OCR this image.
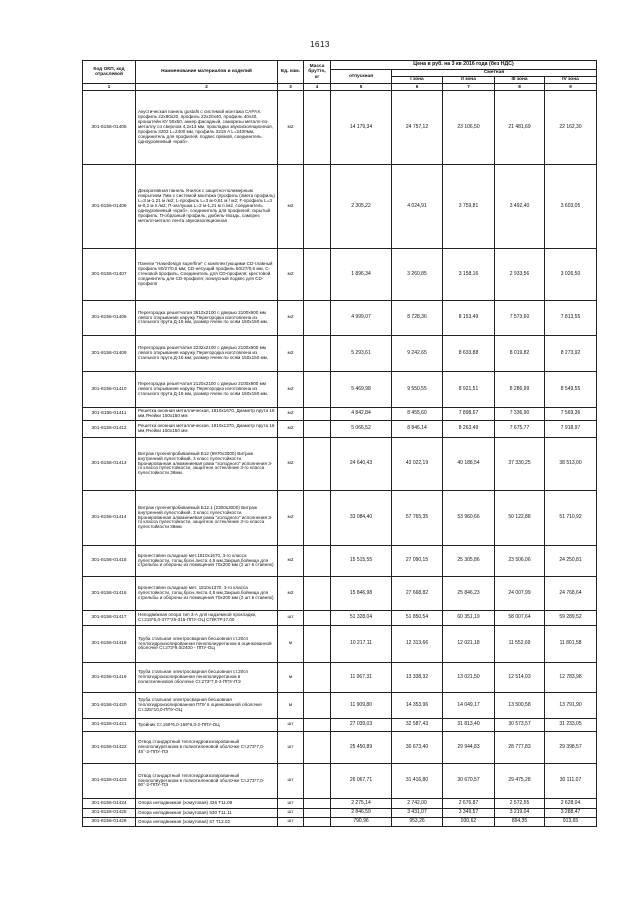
1613
Код ОКП, код отраслевой	Наименование материалов и изделий	Ед. изм.	Масса брутто, кг	Цена в руб. на 3 кв 2016 года (без НДС)				
				отпускная	Сметная			
					I зона	II зона	III зона	IV зона
1	2	3	4	5	6	7	8	9
301-8156-01405	Акустическая панель gustafs с системой монтажа САРАХ. профиль 22х80х20, профиль 22х20х40, профиль 40х40, кронштейн КУ 50х50, анкер фасадный, саморезы металл-по-металлу со сверлом 4,2х13 мм, прокладка звукоизоляционная, профиль 3202 L=2400 мм, профиль 3218 A L=2400мм, соединитель для профилей, подвес прямой, соединитель одноуровневый «краб».	м2		14 179,34	24 757,12	23 106,50	21 481,69	22 162,30
301-8156-01406	Декоративная панель Унилок с защитно-полимерным покрытием 7мм с системой монтажа (профиль (омега профиль) L=3 м-1,21 м /м2; L-профиль L=3 м-0,61 м / м2; F-профиль L=3 м-0,2 м п./м2, П-заглушка L=3 м-1,21 м п./м2, соединитель одноуровневый «краб», соединитель для профилей, скрытый профиль, П-образный профиль, дюбель-гвоздь, саморез металл-металл лента звукоизоляционная	м2		2 305,22	4 024,91	3 759,81	3 492,40	3 603,05
301-8156-01407	Панели "Hasedesign superfine" с комплектующими CD-главный профиль 60/27/0,6 мм; CD-несущий профиль 60/27/0,6 мм, С-стеновой профиль, Соединитель для CD-профиля; крестовой соединитель для CD-профиля; нониусный подвес для CD-профиля	м2		1 896,34	3 260,85	3 158,16	2 933,56	3 026,50
301-8156-01408	Перегородка решетчатая 3610х2100 с дверью 2100х900 мм левого открывания наружу Перегородка изготовлена из стального прута Д-16 мм, размер ячеек по осям 150х150 мм.	м2		4 999,07	8 728,36	8 153,49	7 573,60	7 813,55
301-8156-01409	Перегородка решетчатая 2232х2100 с дверью 2100х900 мм левого открывания наружу Перегородка изготовлена из стального прута Д-16 мм, размер ячеек по осям 150х150 мм.	м2		5 293,61	9 242,65	8 633,88	8 019,82	8 273,92
301-8156-01410	Перегородка решетчатая 2120х2100 с дверью 2100х900 мм левого открывания наружу Перегородка изготовлена из стального прута Д-16 мм, размер ячеек по осям 150х150 мм.	м2		5 469,98	9 550,55	8 921,51	8 286,99	8 549,55
301-8156-01411	Решетка оконная металлическая, 1810х1670, Диаметр прута 16 мм,Ячейки 150х150 мм	м2		4 842,84	8 455,60	7 898,67	7 336,90	7 569,36
301-8156-01412	Решетка оконная металлическая, 1810х1370, Диаметр прута 16 мм,Ячейки 150х150 мм	м2		5 066,52	8 846,14	8 263,49	7 675,77	7 918,97
301-8156-01413	Витраж пуленепробиваемый Б12 (6970х3000) Витраж внутренний пулестойкий, 3 класс пулестойкости. Бронированная алюминиевая рама "холодного" исполнения 3-го класса пулестойкости, защитное остекление 3-го класса пулестойкости 36мм.	м2		24 640,43	43 022,19	40 188,54	37 330,25	38 513,00
301-8156-01414	Витраж пуленепробиваемый Б12.1 (2300х3000) Витраж внутренний пулестойкий, 3 класс пулестойкости. Бронированная алюминиевая рама "холодного" исполнения 3-го класса пулестойкости, защитное остекление 3-го класса пулестойкости 36мм	м2		33 084,40	57 765,35	53 960,66	50 122,88	51 710,92
301-8156-01415	Бронеставни складные мет.1810х1670, 3-го класса пулестойкости, толщ.брон.листа 4,5 мм,Закрыв.бойница для стрельбы и обороны из помещения 70х200 мм (2 шт в ставнях)	м2		15 515,55	27 090,15	25 305,86	23 506,06	24 250,81
301-8156-01416	Бронеставни складные мет. 1810х1370, 3-го класса пулестойкости, толщ.брон.листа 4,5 мм,Закрыв.бойница для стрельбы и обороны из помещения 70х200 мм (2 шт в ставнях)	м2		15 846,98	27 668,82	25 846,23	24 007,99	24 768,64
301-8156-01417	Неподвижная опора тип 3-А для надземной прокладки, Ст.219*6,0-377*25-315-ППУ-ОЦ СП/КТР.17.00	шт		51 328,04	51 850,54	60 351,19	58 007,64	59 289,52
301-8156-01418	Труба стальная электросварная бесшовная ст.20сп теплогидроизолированная пенополиуретаном в оцинкованной оболочке Ст.273*9,0/2400 - ППУ-ОЦ	м		10 217,11	12 313,66	12 021,18	11 552,69	11 801,58
301-8156-01419	Труба стальная электросварная бесшовная ст.20сп теплогидроизолированная пенополиуретаном в полиэтиленовой оболочке Ст.273*7,0-2-ППУ-ПЭ	м		11 067,31	13 338,32	13 021,50	12 514,03	12 783,98
301-8156-01420	Труба стальная электросварная бесшовная теплогидроизолированная ППУ в оцинкованной оболочке Ст.325*10,0-ППУ-ОЦ	м		11 909,80	14 353,96	14 049,17	13 500,58	13 791,90
301-8156-01421	Тройник Ст.159*6,0-159*6,0-2-ППУ-ОЦ	шт		27 039,03	32 587,43	31 813,40	30 573,57	31 233,05
301-8156-01422	Отвод стандартный теплогидроизолированный пенополиуретаном в полиэтиленовой оболочке Ст.273*7,0-45°-2-ППУ-ПЭ	шт		25 450,89	30 673,40	29 944,83	28 777,83	29 398,57
301-8156-01423	Отвод стандартный теплогидроизолированный пенополиуретаном в полиэтиленовой оболочке Ст.273*7,0-90°-2-ППУ-ПЭ	шт		26 067,71	31 416,80	30 670,57	29 475,28	30 111,07
301-8156-01424	Опора неподвижная (хомутовая) 426 Т11.09	шт		2 275,14	2 742,00	2 676,87	2 572,55	2 628,04
301-8156-01425	Опора неподвижная (хомутовая) 530 Т11.11	шт		2 846,59	3 431,07	3 349,57	3 219,04	3 288,47
301-8156-01426	Опора неподвижная (хомутовая) 57 Т12.02	шт		790,96	953,26	930,62	894,35	913,65
